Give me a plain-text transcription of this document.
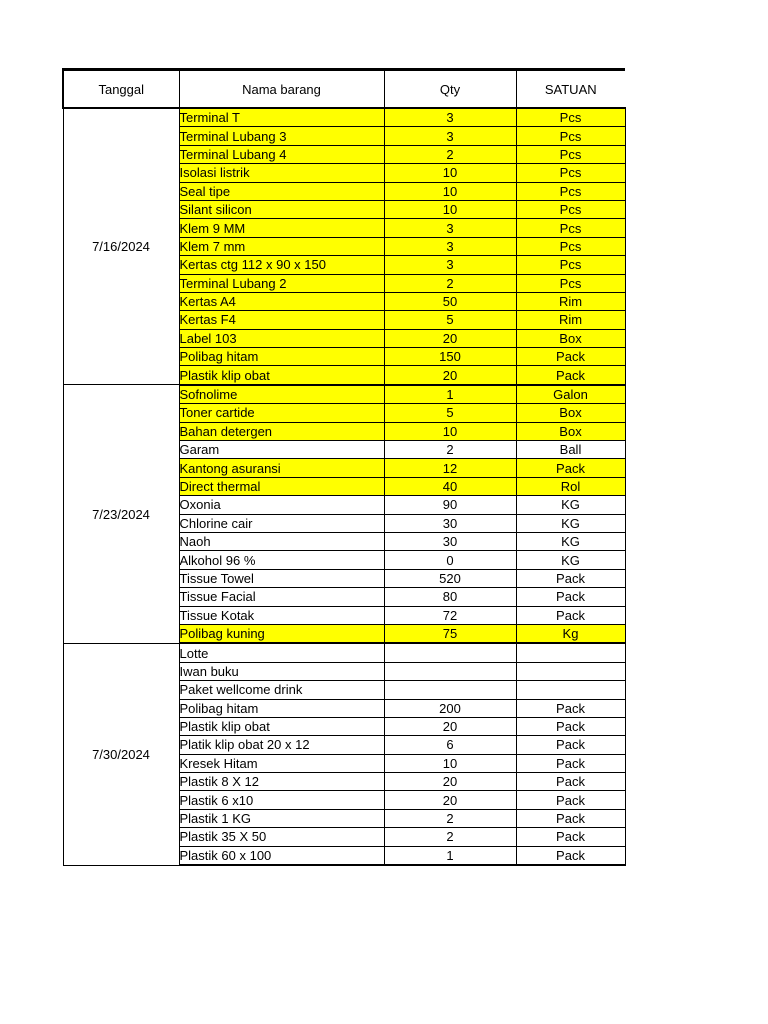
Tanggal	Nama barang	Qty	SATUAN
7/16/2024	Terminal T	3	Pcs
	Terminal Lubang 3	3	Pcs
	Terminal Lubang 4	2	Pcs
	Isolasi listrik	10	Pcs
	Seal tipe	10	Pcs
	Silant silicon	10	Pcs
	Klem 9 MM	3	Pcs
	Klem 7 mm	3	Pcs
	Kertas ctg 112 x 90 x 150	3	Pcs
	Terminal Lubang 2	2	Pcs
	Kertas A4	50	Rim
	Kertas F4	5	Rim
	Label 103	20	Box
	Polibag hitam	150	Pack
	Plastik klip obat	20	Pack
7/23/2024	Sofnolime	1	Galon
	Toner cartide	5	Box
	Bahan detergen	10	Box
	Garam	2	Ball
	Kantong asuransi	12	Pack
	Direct thermal	40	Rol
	Oxonia	90	KG
	Chlorine cair	30	KG
	Naoh	30	KG
	Alkohol 96 %	0	KG
	Tissue Towel	520	Pack
	Tissue Facial	80	Pack
	Tissue Kotak	72	Pack
	Polibag kuning	75	Kg
7/30/2024	Lotte		
	Iwan buku		
	Paket wellcome drink		
	Polibag hitam	200	Pack
	Plastik klip obat	20	Pack
	Platik klip obat 20 x 12	6	Pack
	Kresek Hitam	10	Pack
	Plastik 8 X 12	20	Pack
	Plastik 6 x10	20	Pack
	Plastik 1 KG	2	Pack
	Plastik 35 X 50	2	Pack
	Plastik 60 x 100	1	Pack
